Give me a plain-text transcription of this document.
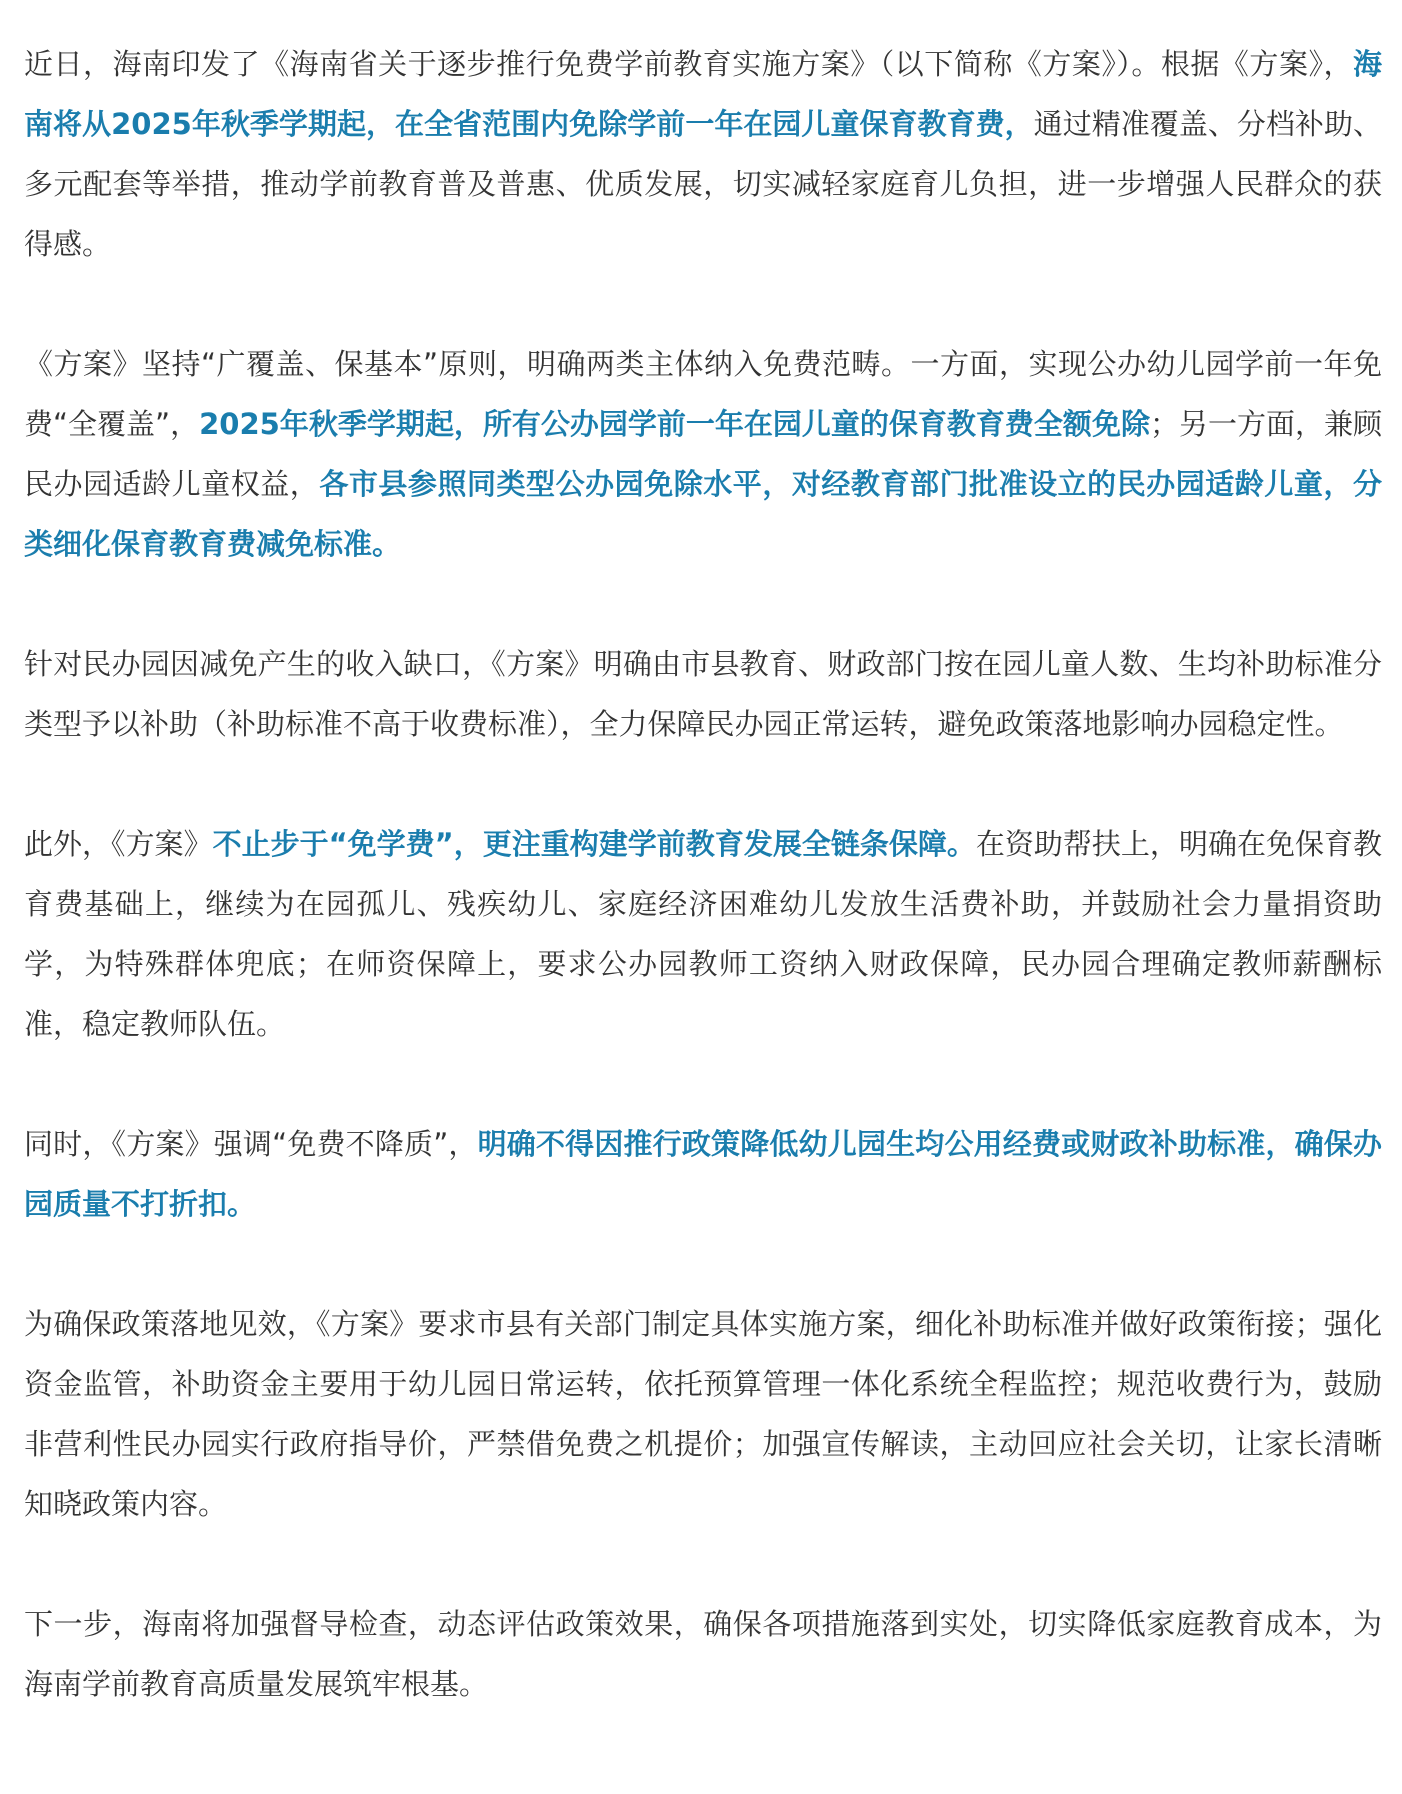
近日，海南印发了《海南省关于逐步推行免费学前教育实施方案》（以下简称《方案》）。根据《方案》，海南将从2025年秋季学期起，在全省范围内免除学前一年在园儿童保育教育费，通过精准覆盖、分档补助、多元配套等举措，推动学前教育普及普惠、优质发展，切实减轻家庭育儿负担，进一步增强人民群众的获得感。

《方案》坚持“广覆盖、保基本”原则，明确两类主体纳入免费范畴。一方面，实现公办幼儿园学前一年免费“全覆盖”，2025年秋季学期起，所有公办园学前一年在园儿童的保育教育费全额免除；另一方面，兼顾民办园适龄儿童权益，各市县参照同类型公办园免除水平，对经教育部门批准设立的民办园适龄儿童，分类细化保育教育费减免标准。

针对民办园因减免产生的收入缺口，《方案》明确由市县教育、财政部门按在园儿童人数、生均补助标准分类型予以补助（补助标准不高于收费标准），全力保障民办园正常运转，避免政策落地影响办园稳定性。

此外，《方案》不止步于“免学费”，更注重构建学前教育发展全链条保障。在资助帮扶上，明确在免保育教育费基础上，继续为在园孤儿、残疾幼儿、家庭经济困难幼儿发放生活费补助，并鼓励社会力量捐资助学，为特殊群体兜底；在师资保障上，要求公办园教师工资纳入财政保障，民办园合理确定教师薪酬标准，稳定教师队伍。

同时，《方案》强调“免费不降质”，明确不得因推行政策降低幼儿园生均公用经费或财政补助标准，确保办园质量不打折扣。

为确保政策落地见效，《方案》要求市县有关部门制定具体实施方案，细化补助标准并做好政策衔接；强化资金监管，补助资金主要用于幼儿园日常运转，依托预算管理一体化系统全程监控；规范收费行为，鼓励非营利性民办园实行政府指导价，严禁借免费之机提价；加强宣传解读，主动回应社会关切，让家长清晰知晓政策内容。

下一步，海南将加强督导检查，动态评估政策效果，确保各项措施落到实处，切实降低家庭教育成本，为海南学前教育高质量发展筑牢根基。
